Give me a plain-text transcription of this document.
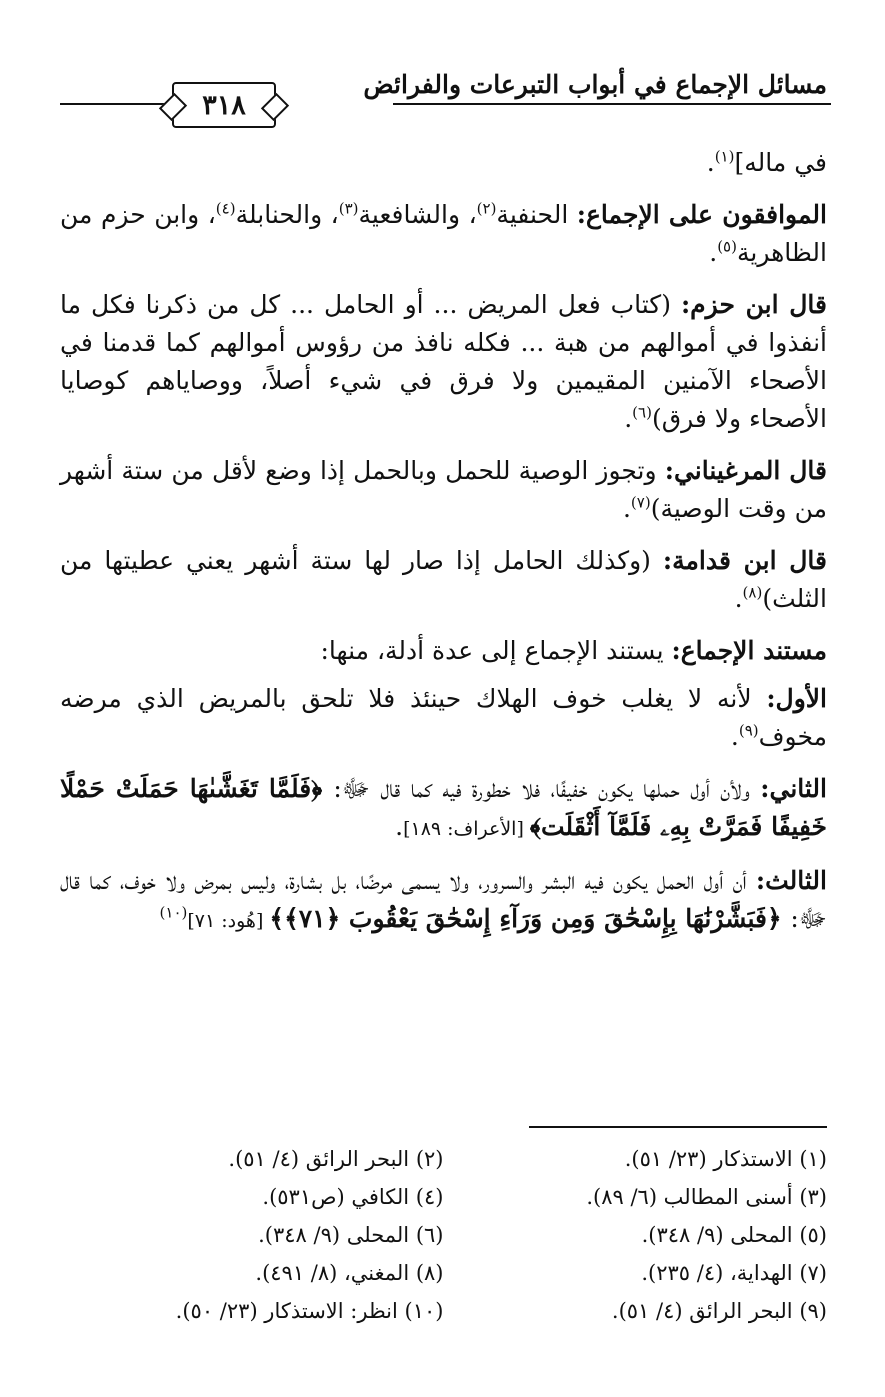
مسائل الإجماع في أبواب التبرعات والفرائض
٣١٨

في ماله]$^{(١)}$.

الموافقون على الإجماع: الحنفية$^{(٢)}$، والشافعية$^{(٣)}$، والحنابلة$^{(٤)}$، وابن حزم من الظاهرية$^{(٥)}$.

قال ابن حزم: (كتاب فعل المريض ... أو الحامل ... كل من ذكرنا فكل ما أنفذوا في أموالهم من هبة ... فكله نافذ من رؤوس أموالهم كما قدمنا في الأصحاء الآمنين المقيمين ولا فرق في شيء أصلاً، ووصاياهم كوصايا الأصحاء ولا فرق)$^{(٦)}$.

قال المرغيناني: وتجوز الوصية للحمل وبالحمل إذا وضع لأقل من ستة أشهر من وقت الوصية)$^{(٧)}$.

قال ابن قدامة: (وكذلك الحامل إذا صار لها ستة أشهر يعني عطيتها من الثلث)$^{(٨)}$.

مستند الإجماع: يستند الإجماع إلى عدة أدلة، منها:

الأول: لأنه لا يغلب خوف الهلاك حينئذ فلا تلحق بالمريض الذي مرضه مخوف$^{(٩)}$.

الثاني: ولأن أول حملها يكون خفيفًا، فلا خطورة فيه كما قال ﷻ: ﴿فَلَمَّا تَغَشَّىٰهَا حَمَلَتْ حَمْلًا خَفِيفًا فَمَرَّتْ بِهِۦ فَلَمَّآ أَثْقَلَت﴾ [الأعراف: ١٨٩].

الثالث: أن أول الحمل يكون فيه البشر والسرور، ولا يسمى مرضًا، بل بشارة، وليس بمرض ولا خوف، كما قال ﷻ: ﴿فَبَشَّرْنَٰهَا بِإِسْحَٰقَ وَمِن وَرَآءِ إِسْحَٰقَ يَعْقُوبَ ﴿٧١﴾﴾ [هُود: ٧١]$^{(١٠)}$

(١) الاستذكار (٢٣/ ٥١).
(٢) البحر الرائق (٤/ ٥١).
(٣) أسنى المطالب (٦/ ٨٩).
(٤) الكافي (ص٥٣١).
(٥) المحلى (٩/ ٣٤٨).
(٦) المحلى (٩/ ٣٤٨).
(٧) الهداية، (٤/ ٢٣٥).
(٨) المغني، (٨/ ٤٩١).
(٩) البحر الرائق (٤/ ٥١).
(١٠) انظر: الاستذكار (٢٣/ ٥٠).
